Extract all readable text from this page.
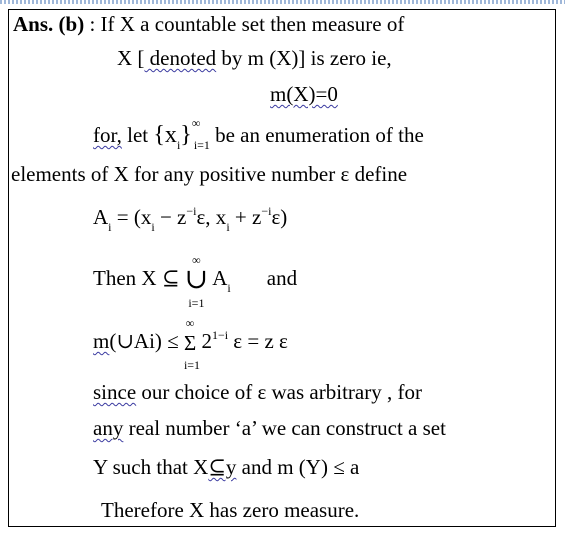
Ans. (b) : If X a countable set then measure of
X [ denoted by m (X)] is zero ie,
m(X)=0
for, let $\{x_i\}$ ∞
i=1 be an enumeration of the
elements of X for any positive number ε define
$A_i = (x_i - z^{-i}\varepsilon$, $x_i + z^{-i}\varepsilon$)
Then X ⊆ ∪
∞
i=1
$A_i$ and
m(∪Ai) ≤ Σ
∞
i=1
$2^{1-i}$ ε = z ε
since our choice of ε was arbitrary , for
any real number ‘a’ we can construct a set
Y such that X⊆y and m (Y) ≤ a
Therefore X has zero measure.
